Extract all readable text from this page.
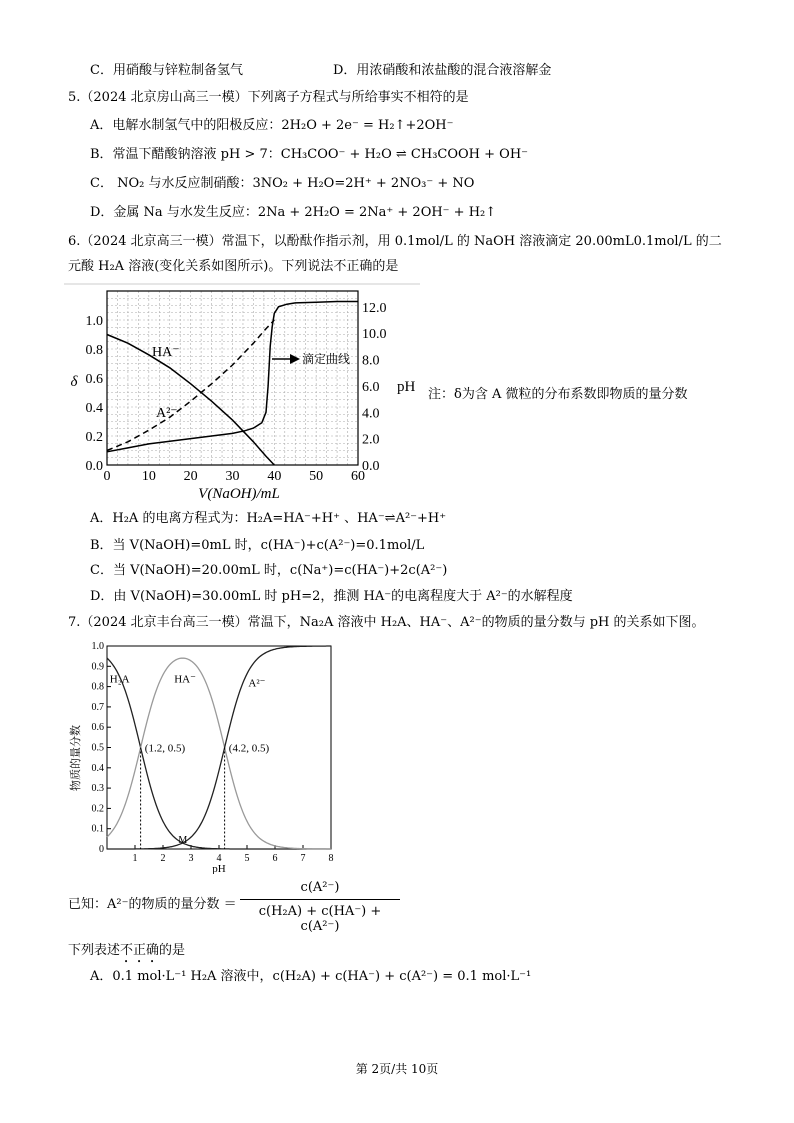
C．用硝酸与锌粒制备氢气	D．用浓硝酸和浓盐酸的混合液溶解金
5.（2024 北京房山高三一模）下列离子方程式与所给事实不相符的是
A．电解水制氢气中的阳极反应：2H₂O + 2e⁻ = H₂↑+2OH⁻
B．常温下醋酸钠溶液 pH > 7：CH₃COO⁻ + H₂O ⇌ CH₃COOH + OH⁻
C． NO₂ 与水反应制硝酸：3NO₂ + H₂O=2H⁺ + 2NO₃⁻ + NO
D．金属 Na 与水发生反应：2Na + 2H₂O = 2Na⁺ + 2OH⁻ + H₂↑
6.（2024 北京高三一模）常温下，以酚酞作指示剂，用 0.1mol/L 的 NaOH 溶液滴定 20.00mL0.1mol/L 的二
元酸 H₂A 溶液(变化关系如图所示)。下列说法不正确的是
0 10 20 30 40 50 60
0.0
0.2
0.4
0.6
0.8
1.0
0.0
2.0
4.0
6.0
8.0
10.0
12.0
V(NaOH)/mL
δ	pH
HA⁻
A²⁻
滴定曲线
注：δ为含 A 微粒的分布系数即物质的量分数
A．H₂A 的电离方程式为：H₂A=HA⁻+H⁺ 、HA⁻⇌A²⁻+H⁺
B．当 V(NaOH)=0mL 时，c(HA⁻)+c(A²⁻)=0.1mol/L
C．当 V(NaOH)=20.00mL 时，c(Na⁺)=c(HA⁻)+2c(A²⁻)
D．由 V(NaOH)=30.00mL 时 pH=2，推测 HA⁻的电离程度大于 A²⁻的水解程度
7.（2024 北京丰台高三一模）常温下，Na₂A 溶液中 H₂A、HA⁻、A²⁻的物质的量分数与 pH 的关系如下图。
1 2 3 4 5 6 7 8
0
0.1
0.2
0.3
0.4
0.5
0.6
0.7
0.8
0.9
1.0
pH
物质的量分数
H₂A	HA⁻	A²⁻
(1.2, 0.5)	(4.2, 0.5)
M
已知：A²⁻的物质的量分数 ＝
c(A²⁻)
c(H₂A) + c(HA⁻) + c(A²⁻)
下列表述不正确的是
A．0.1 mol·L⁻¹ H₂A 溶液中，c(H₂A) + c(HA⁻) + c(A²⁻) = 0.1 mol·L⁻¹
第 2页/共 10页
